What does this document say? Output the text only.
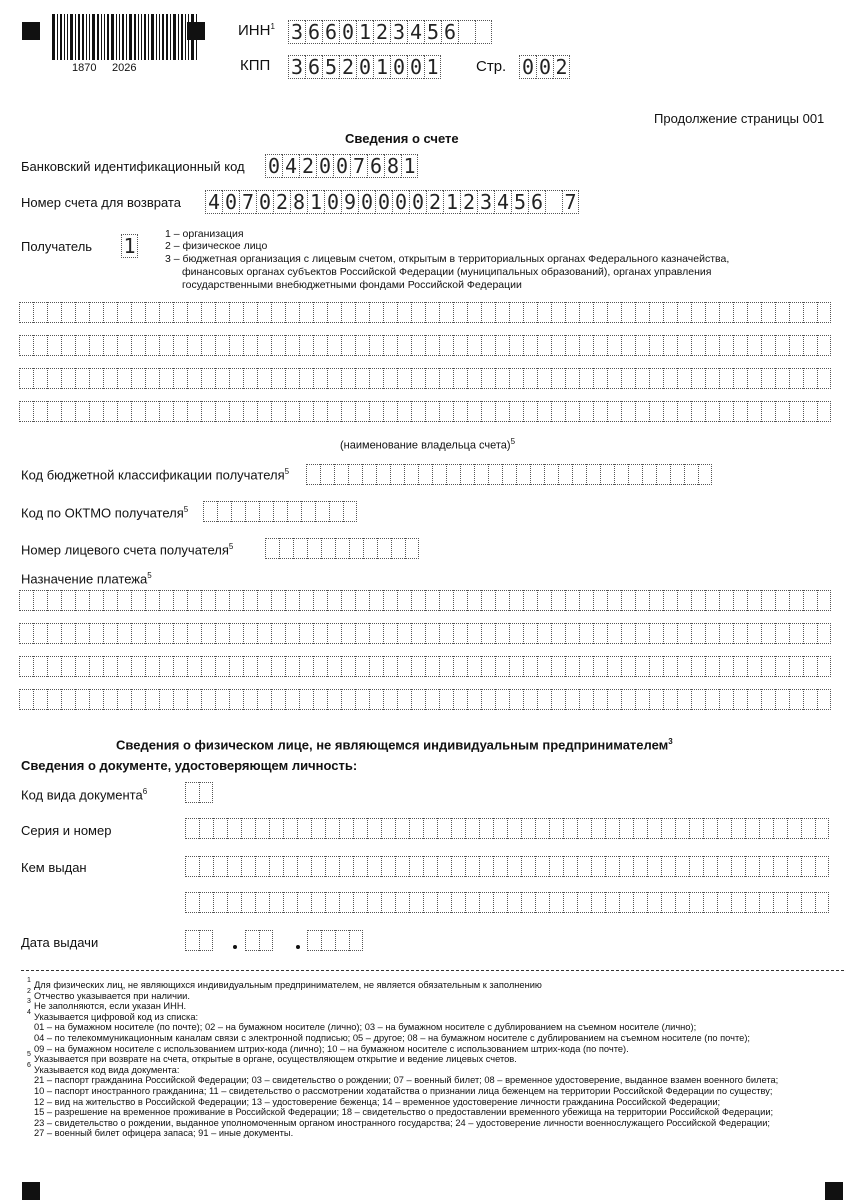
1870 2026
ИНН$^1$ 3 6 6 0 1 2 3 4 5 6
КПП 3 6 5 2 0 1 0 0 1 Стр. 0 0 2
Продолжение страницы 001
Сведения о счете
Банковский идентификационный код 0 4 2 0 0 7 6 8 1
Номер счета для возврата 4 0 7 0 2 8 1 0 9 0 0 0 0 2 1 2 3 4 5 6 7
Получатель 1	1 – организация
2 – физическое лицо
3 – бюджетная организация с лицевым счетом, открытым в территориальных органах Федерального казначейства,
финансовых органах субъектов Российской Федерации (муниципальных образований), органах управления
государственными внебюджетными фондами Российской Федерации
(наименование владельца счета)$^5$
Код бюджетной классификации получателя$^5$
Код по ОКТМО получателя$^5$
Номер лицевого счета получателя$^5$
Назначение платежа$^5$
Сведения о физическом лице, не являющемся индивидуальным предпринимателем$^3$
Сведения о документе, удостоверяющем личность:
Код вида документа$^6$
Серия и номер
Кем выдан
Дата выдачи
1 Для физических лиц, не являющихся индивидуальным предпринимателем, не является обязательным к заполнению
2 Отчество указывается при наличии.
3 Не заполняются, если указан ИНН.
4 Указывается цифровой код из списка:
01 – на бумажном носителе (по почте); 02 – на бумажном носителе (лично); 03 – на бумажном носителе с дублированием на съемном носителе (лично);
04 – по телекоммуникационным каналам связи с электронной подписью; 05 – другое; 08 – на бумажном носителе с дублированием на съемном носителе (по почте);
09 – на бумажном носителе с использованием штрих-кода (лично); 10 – на бумажном носителе с использованием штрих-кода (по почте).
5 Указывается при возврате на счета, открытые в органе, осуществляющем открытие и ведение лицевых счетов.
6 Указывается код вида документа:
21 – паспорт гражданина Российской Федерации; 03 – свидетельство о рождении; 07 – военный билет; 08 – временное удостоверение, выданное взамен военного билета;
10 – паспорт иностранного гражданина; 11 – свидетельство о рассмотрении ходатайства о признании лица беженцем на территории Российской Федерации по существу;
12 – вид на жительство в Российской Федерации; 13 – удостоверение беженца; 14 – временное удостоверение личности гражданина Российской Федерации;
15 – разрешение на временное проживание в Российской Федерации; 18 – свидетельство о предоставлении временного убежища на территории Российской Федерации;
23 – свидетельство о рождении, выданное уполномоченным органом иностранного государства; 24 – удостоверение личности военнослужащего Российской Федерации;
27 – военный билет офицера запаса; 91 – иные документы.
